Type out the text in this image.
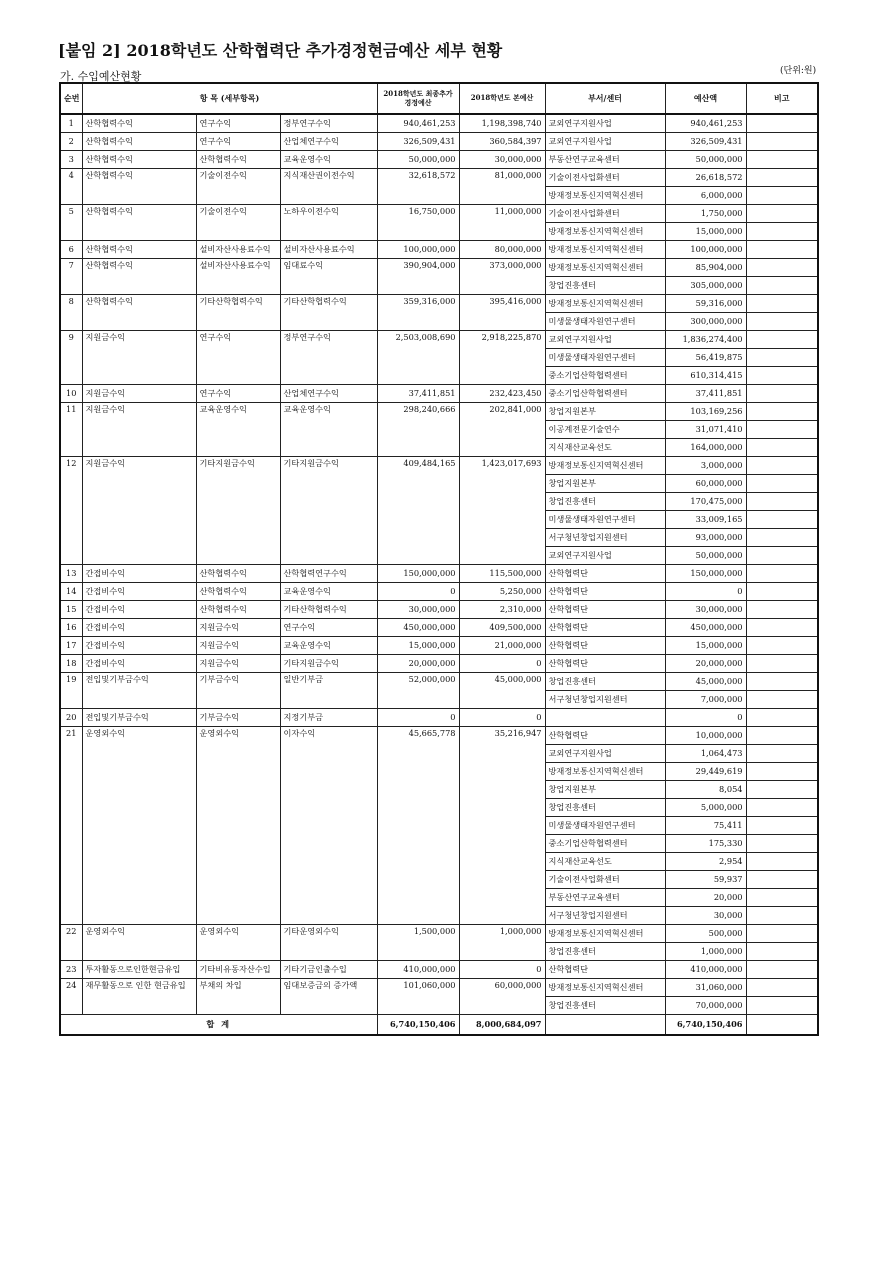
[붙임 2] 2018학년도 산학협력단 추가경정현금예산 세부 현황
가. 수입예산현황	(단위:원)
순번	항 목 (세부항목)	2018학년도 최종추가경정예산	2018학년도 본예산	부서/센터	예산액	비고
1	산학협력수익	연구수익	정부연구수익	940,461,253	1,198,398,740	교외연구지원사업	940,461,253	
2	산학협력수익	연구수익	산업체연구수익	326,509,431	360,584,397	교외연구지원사업	326,509,431	
3	산학협력수익	산학협력수익	교육운영수익	50,000,000	30,000,000	부동산연구교육센터	50,000,000	
4	산학협력수익	기술이전수익	지식재산권이전수익	32,618,572	81,000,000	기술이전사업화센터	26,618,572	
방재정보통신지역혁신센터	6,000,000	
5	산학협력수익	기술이전수익	노하우이전수익	16,750,000	11,000,000	기술이전사업화센터	1,750,000	
방재정보통신지역혁신센터	15,000,000	
6	산학협력수익	설비자산사용료수익	설비자산사용료수익	100,000,000	80,000,000	방재정보통신지역혁신센터	100,000,000	
7	산학협력수익	설비자산사용료수익	임대료수익	390,904,000	373,000,000	방재정보통신지역혁신센터	85,904,000	
창업진흥센터	305,000,000	
8	산학협력수익	기타산학협력수익	기타산학협력수익	359,316,000	395,416,000	방재정보통신지역혁신센터	59,316,000	
미생물생태자원연구센터	300,000,000	
9	지원금수익	연구수익	정부연구수익	2,503,008,690	2,918,225,870	교외연구지원사업	1,836,274,400	
미생물생태자원연구센터	56,419,875	
중소기업산학협력센터	610,314,415	
10	지원금수익	연구수익	산업체연구수익	37,411,851	232,423,450	중소기업산학협력센터	37,411,851	
11	지원금수익	교육운영수익	교육운영수익	298,240,666	202,841,000	창업지원본부	103,169,256	
이공계전문기술연수	31,071,410	
지식재산교육선도	164,000,000	
12	지원금수익	기타지원금수익	기타지원금수익	409,484,165	1,423,017,693	방재정보통신지역혁신센터	3,000,000	
창업지원본부	60,000,000	
창업진흥센터	170,475,000	
미생물생태자원연구센터	33,009,165	
서구청년창업지원센터	93,000,000	
교외연구지원사업	50,000,000	
13	간접비수익	산학협력수익	산학협력연구수익	150,000,000	115,500,000	산학협력단	150,000,000	
14	간접비수익	산학협력수익	교육운영수익	0	5,250,000	산학협력단	0	
15	간접비수익	산학협력수익	기타산학협력수익	30,000,000	2,310,000	산학협력단	30,000,000	
16	간접비수익	지원금수익	연구수익	450,000,000	409,500,000	산학협력단	450,000,000	
17	간접비수익	지원금수익	교육운영수익	15,000,000	21,000,000	산학협력단	15,000,000	
18	간접비수익	지원금수익	기타지원금수익	20,000,000	0	산학협력단	20,000,000	
19	전입및기부금수익	기부금수익	일반기부금	52,000,000	45,000,000	창업진흥센터	45,000,000	
서구청년창업지원센터	7,000,000	
20	전입및기부금수익	기부금수익	지정기부금	0	0		0	
21	운영외수익	운영외수익	이자수익	45,665,778	35,216,947	산학협력단	10,000,000	
교외연구지원사업	1,064,473	
방재정보통신지역혁신센터	29,449,619	
창업지원본부	8,054	
창업진흥센터	5,000,000	
미생물생태자원연구센터	75,411	
중소기업산학협력센터	175,330	
지식재산교육선도	2,954	
기술이전사업화센터	59,937	
부동산연구교육센터	20,000	
서구청년창업지원센터	30,000	
22	운영외수익	운영외수익	기타운영외수익	1,500,000	1,000,000	방재정보통신지역혁신센터	500,000	
창업진흥센터	1,000,000	
23	투자활동으로인한현금유입	기타비유동자산수입	기타기금인출수입	410,000,000	0	산학협력단	410,000,000	
24	재무활동으로 인한 현금유입	부채의 차입	임대보증금의 증가액	101,060,000	60,000,000	방재정보통신지역혁신센터	31,060,000	
창업진흥센터	70,000,000	
합 계	6,740,150,406	8,000,684,097		6,740,150,406	
